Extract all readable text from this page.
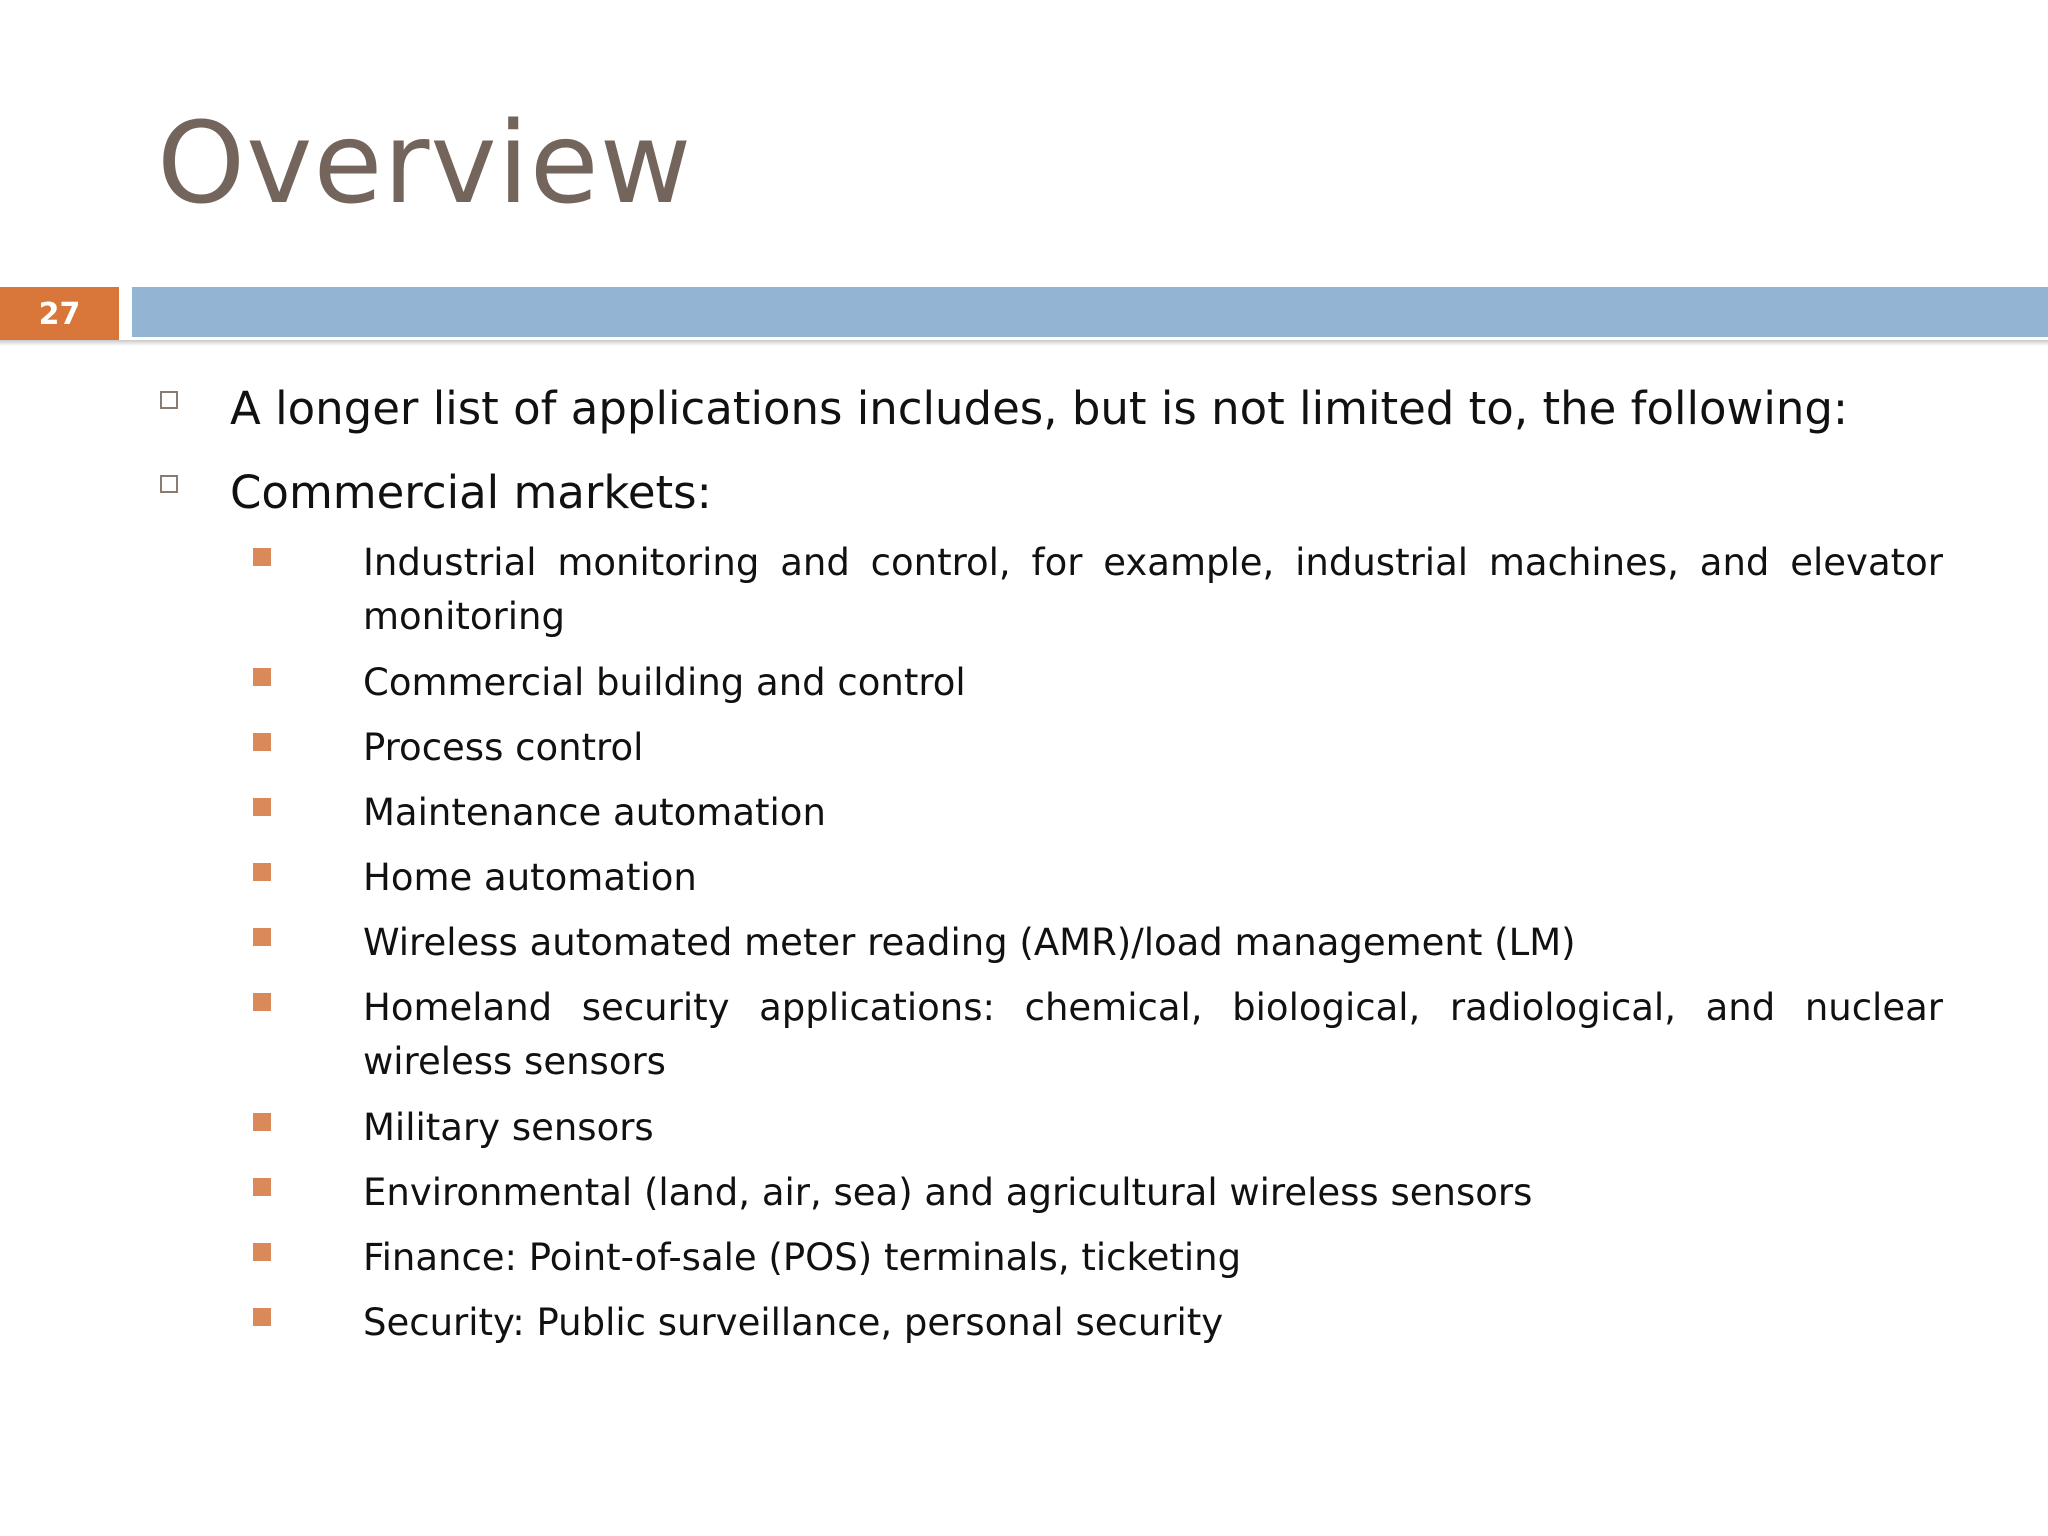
Overview
27
A longer list of applications includes, but is not limited to, the following:
Commercial markets:
Industrial monitoring and control, for example, industrial machines, and elevator monitoring
Commercial building and control
Process control
Maintenance automation
Home automation
Wireless automated meter reading (AMR)/load management (LM)
Homeland security applications: chemical, biological, radiological, and nuclear wireless sensors
Military sensors
Environmental (land, air, sea) and agricultural wireless sensors
Finance: Point-of-sale (POS) terminals, ticketing
Security: Public surveillance, personal security
